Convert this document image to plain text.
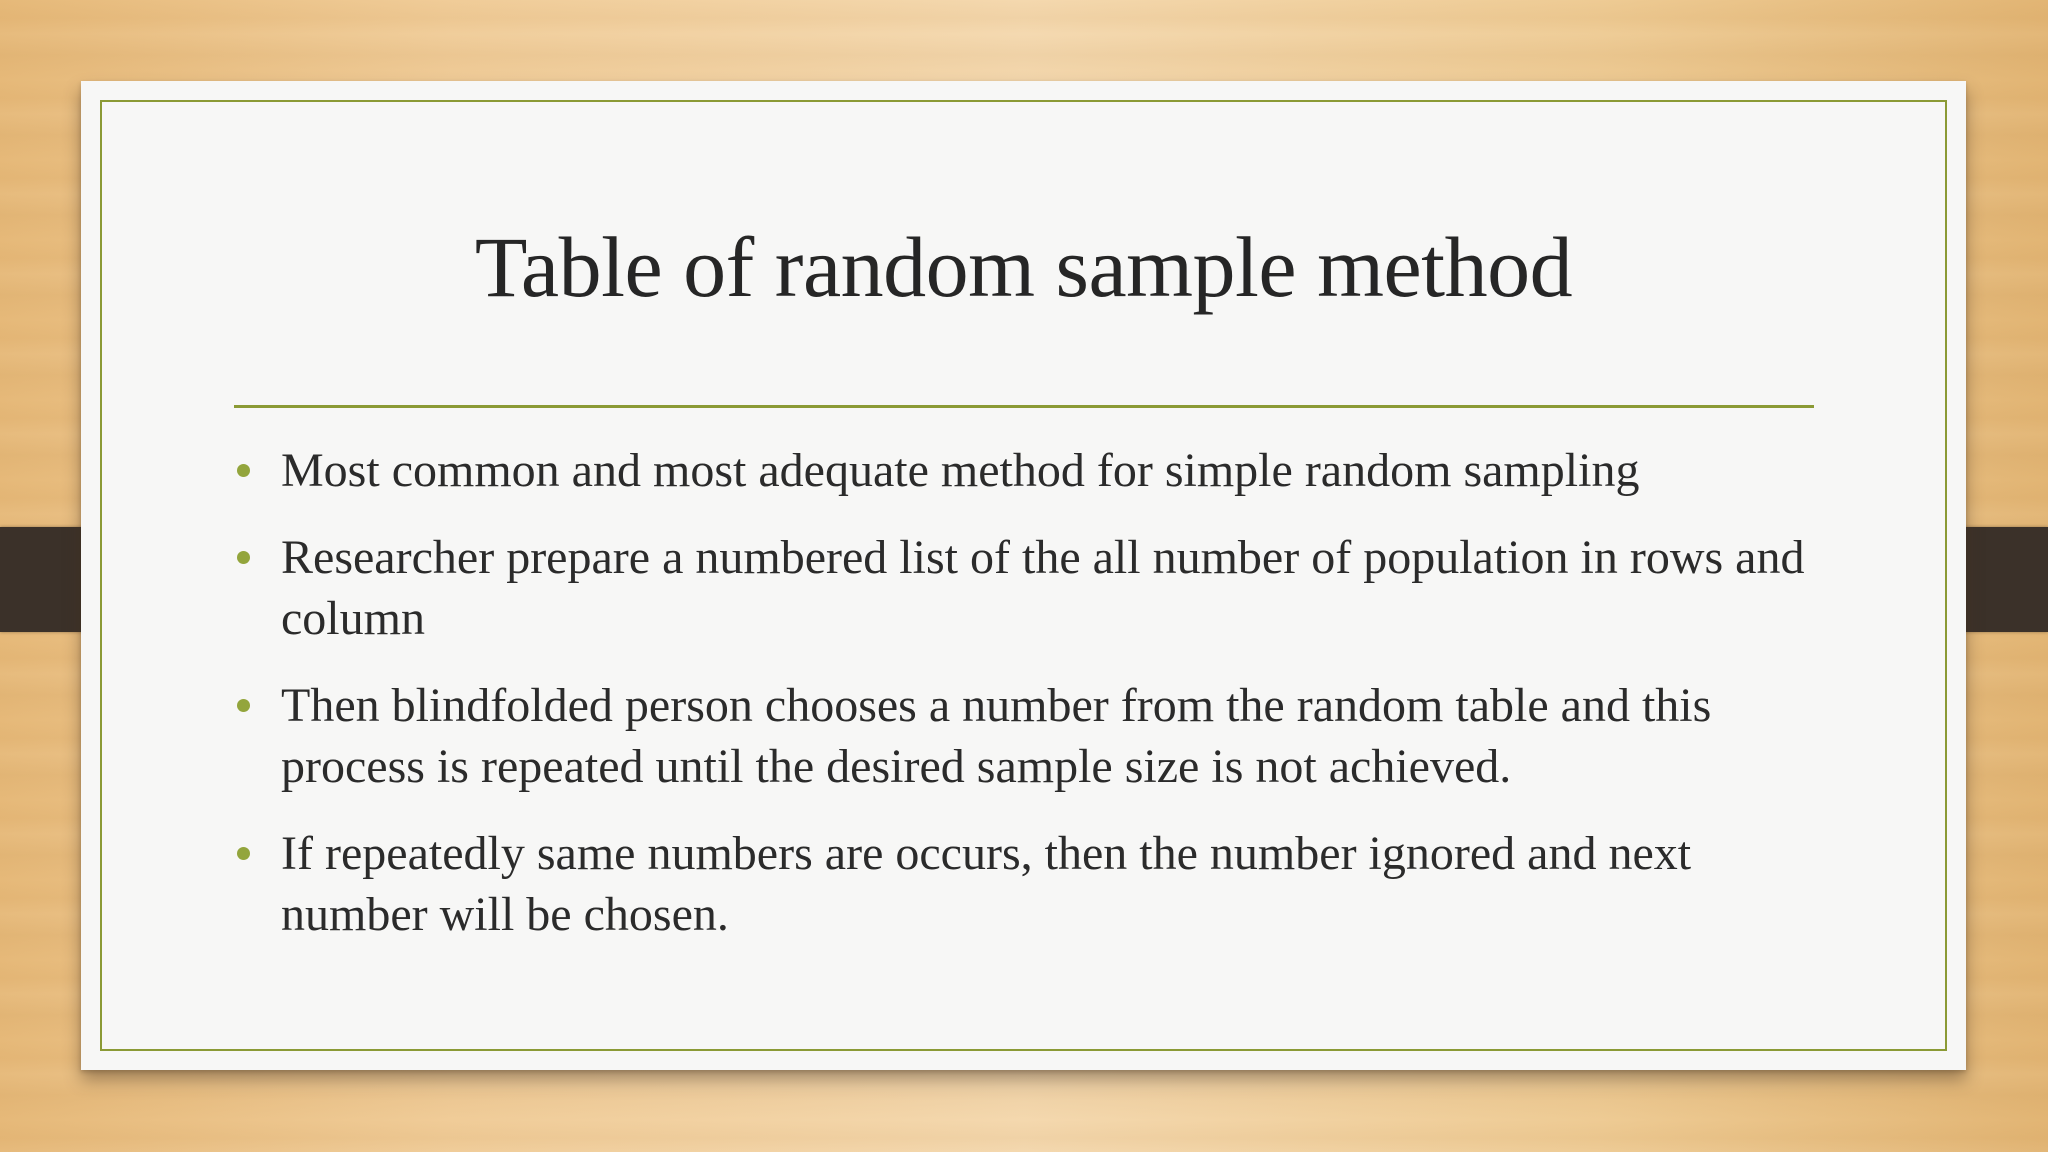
Table of random sample method
Most common and most adequate method for simple random sampling
Researcher prepare a numbered list of the all number of population in rows and column
Then blindfolded person chooses a number from the random table and this process is repeated until the desired sample size is not achieved.
If repeatedly same numbers are occurs, then the number ignored and next number will be chosen.
